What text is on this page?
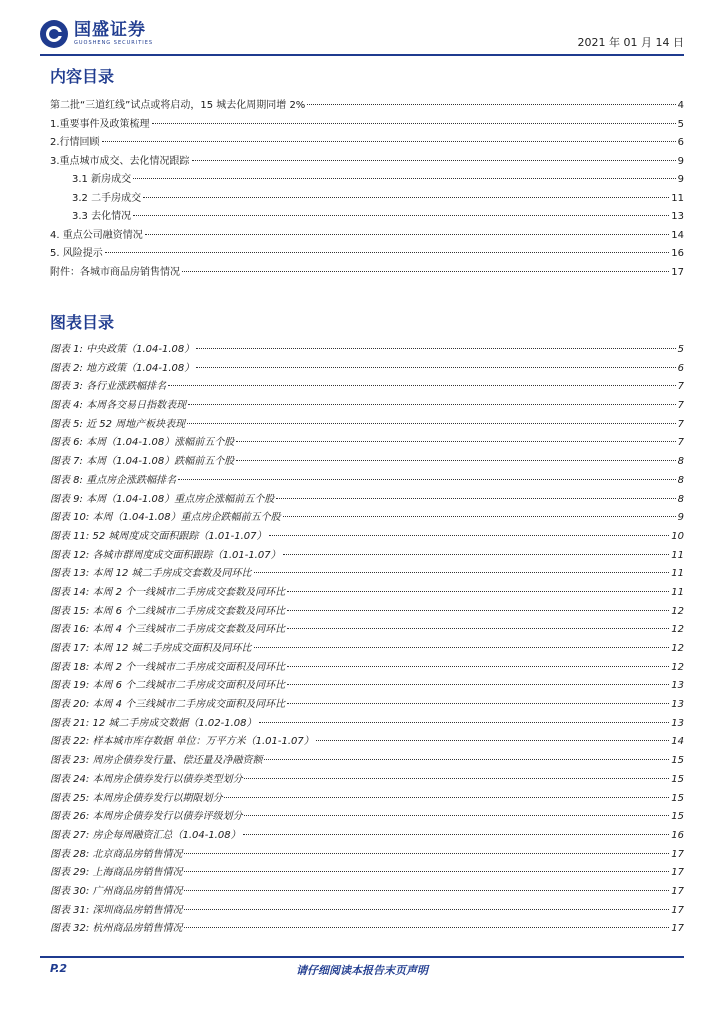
国盛证券
GUOSHENG SECURITIES	2021 年 01 月 14 日
内容目录
第二批“三道红线”试点或将启动，15 城去化周期同增 2%	4
1.重要事件及政策梳理	5
2.行情回顾	6
3.重点城市成交、去化情况跟踪	9
3.1 新房成交	9
3.2 二手房成交	11
3.3 去化情况	13
4. 重点公司融资情况	14
5. 风险提示	16
附件：各城市商品房销售情况	17
图表目录
图表 1: 中央政策（1.04-1.08）	5
图表 2: 地方政策（1.04-1.08）	6
图表 3: 各行业涨跌幅排名	7
图表 4: 本周各交易日指数表现	7
图表 5: 近 52 周地产板块表现	7
图表 6: 本周（1.04-1.08）涨幅前五个股	7
图表 7: 本周（1.04-1.08）跌幅前五个股	8
图表 8: 重点房企涨跌幅排名	8
图表 9: 本周（1.04-1.08）重点房企涨幅前五个股	8
图表 10: 本周（1.04-1.08）重点房企跌幅前五个股	9
图表 11: 52 城周度成交面积跟踪（1.01-1.07）	10
图表 12: 各城市群周度成交面积跟踪（1.01-1.07）	11
图表 13: 本周 12 城二手房成交套数及同环比	11
图表 14: 本周 2 个一线城市二手房成交套数及同环比	11
图表 15: 本周 6 个二线城市二手房成交套数及同环比	12
图表 16: 本周 4 个三线城市二手房成交套数及同环比	12
图表 17: 本周 12 城二手房成交面积及同环比	12
图表 18: 本周 2 个一线城市二手房成交面积及同环比	12
图表 19: 本周 6 个二线城市二手房成交面积及同环比	13
图表 20: 本周 4 个三线城市二手房成交面积及同环比	13
图表 21: 12 城二手房成交数据（1.02-1.08）	13
图表 22: 样本城市库存数据 单位：万平方米（1.01-1.07）	14
图表 23: 周房企债券发行量、偿还量及净融资额	15
图表 24: 本周房企债券发行以债券类型划分	15
图表 25: 本周房企债券发行以期限划分	15
图表 26: 本周房企债券发行以债券评级划分	15
图表 27: 房企每周融资汇总（1.04-1.08）	16
图表 28: 北京商品房销售情况	17
图表 29: 上海商品房销售情况	17
图表 30: 广州商品房销售情况	17
图表 31: 深圳商品房销售情况	17
图表 32: 杭州商品房销售情况	17
P.2	请仔细阅读本报告末页声明
